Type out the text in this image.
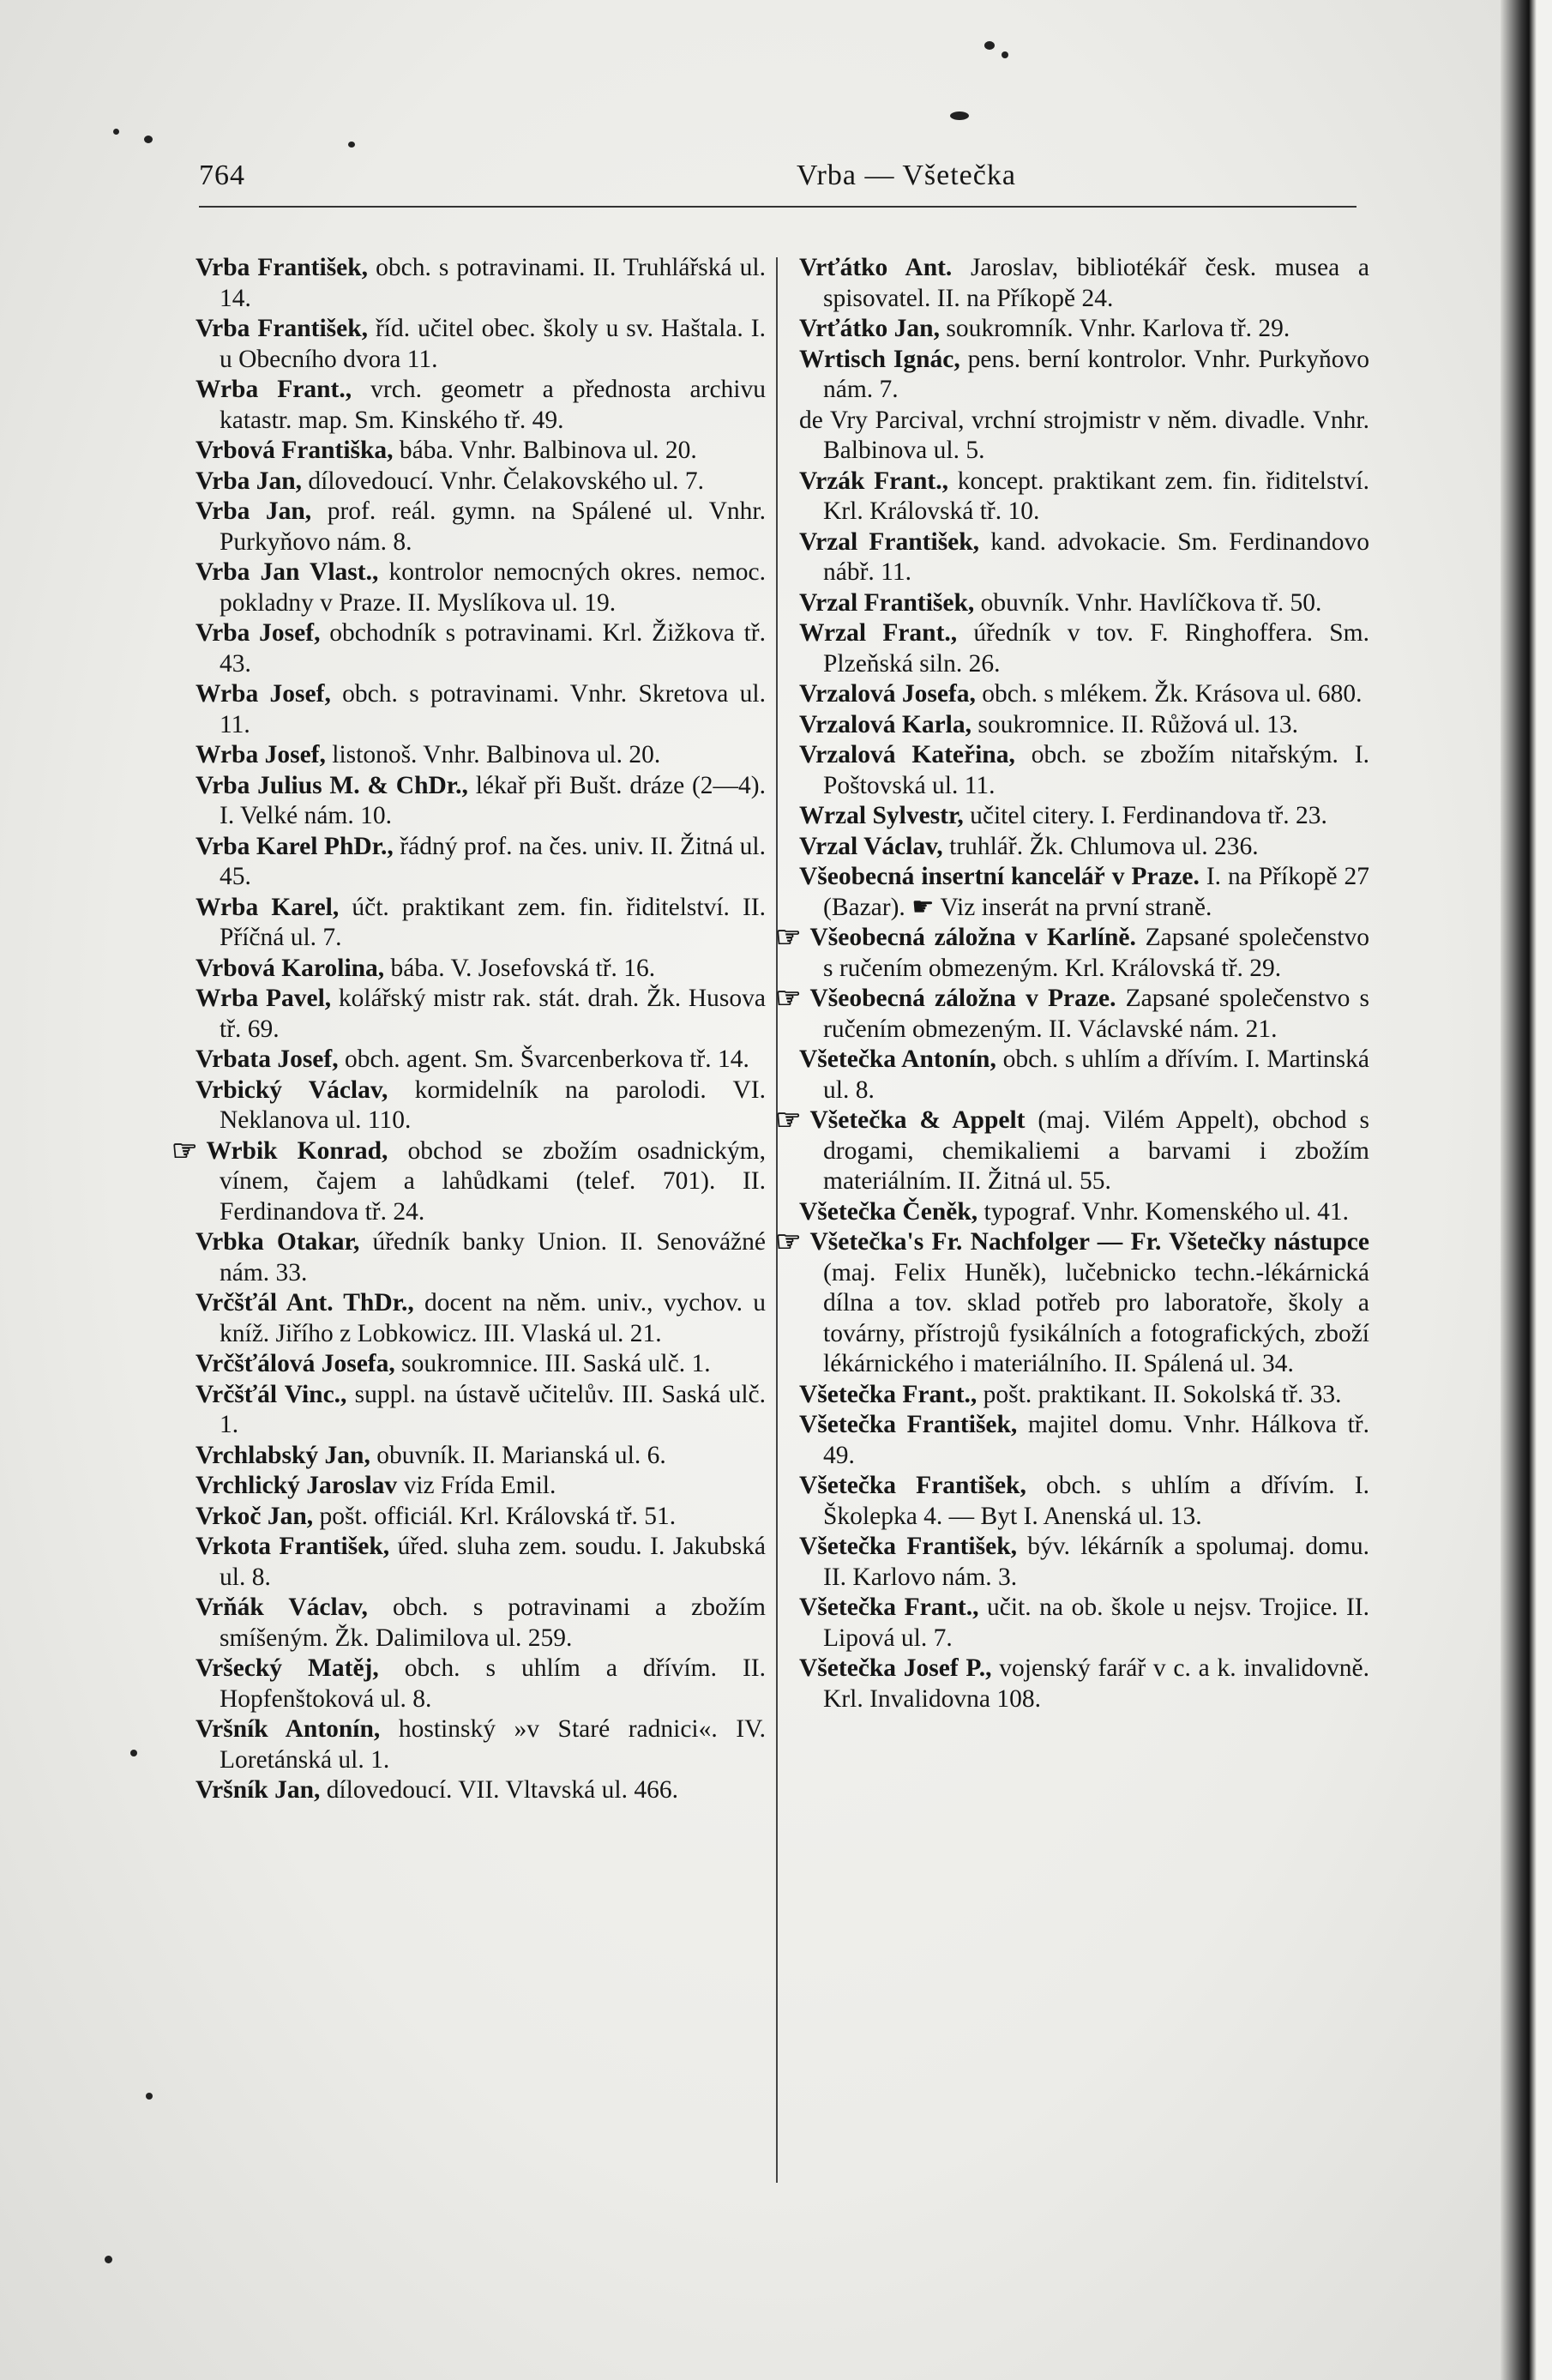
764	Vrba — Všetečka

Vrba František, obch. s potravinami. II. Truhlářská ul. 14.

Vrba František, říd. učitel obec. školy u sv. Haštala. I. u Obecního dvora 11.

Wrba Frant., vrch. geometr a přednosta archivu katastr. map. Sm. Kinského tř. 49.

Vrbová Františka, bába. Vnhr. Balbinova ul. 20.

Vrba Jan, dílovedoucí. Vnhr. Čelakovského ul. 7.

Vrba Jan, prof. reál. gymn. na Spálené ul. Vnhr. Purkyňovo nám. 8.

Vrba Jan Vlast., kontrolor nemocných okres. nemoc. pokladny v Praze. II. Myslíkova ul. 19.

Vrba Josef, obchodník s potravinami. Krl. Žižkova tř. 43.

Wrba Josef, obch. s potravinami. Vnhr. Skretova ul. 11.

Wrba Josef, listonoš. Vnhr. Balbinova ul. 20.

Vrba Julius M. & ChDr., lékař při Bušt. dráze (2—4). I. Velké nám. 10.

Vrba Karel PhDr., řádný prof. na čes. univ. II. Žitná ul. 45.

Wrba Karel, účt. praktikant zem. fin. řiditelství. II. Příčná ul. 7.

Vrbová Karolina, bába. V. Josefovská tř. 16.

Wrba Pavel, kolářský mistr rak. stát. drah. Žk. Husova tř. 69.

Vrbata Josef, obch. agent. Sm. Švarcenberkova tř. 14.

Vrbický Václav, kormidelník na parolodi. VI. Neklanova ul. 110.

☞ Wrbik Konrad, obchod se zbožím osadnickým, vínem, čajem a lahůdkami (telef. 701). II. Ferdinandova tř. 24.

Vrbka Otakar, úředník banky Union. II. Senovážné nám. 33.

Vrčšťál Ant. ThDr., docent na něm. univ., vychov. u kníž. Jiřího z Lobkowicz. III. Vlaská ul. 21.

Vrčšťálová Josefa, soukromnice. III. Saská ulč. 1.

Vrčšťál Vinc., suppl. na ústavě učitelův. III. Saská ulč. 1.

Vrchlabský Jan, obuvník. II. Marianská ul. 6.

Vrchlický Jaroslav viz Frída Emil.

Vrkoč Jan, pošt. officiál. Krl. Královská tř. 51.

Vrkota František, úřed. sluha zem. soudu. I. Jakubská ul. 8.

Vrňák Václav, obch. s potravinami a zbožím smíšeným. Žk. Dalimilova ul. 259.

Vršecký Matěj, obch. s uhlím a dřívím. II. Hopfenštoková ul. 8.

Vršník Antonín, hostinský »v Staré radnici«. IV. Loretánská ul. 1.

Vršník Jan, dílovedoucí. VII. Vltavská ul. 466.

Vrťátko Ant. Jaroslav, bibliotékář česk. musea a spisovatel. II. na Příkopě 24.

Vrťátko Jan, soukromník. Vnhr. Karlova tř. 29.

Wrtisch Ignác, pens. berní kontrolor. Vnhr. Purkyňovo nám. 7.

de Vry Parcival, vrchní strojmistr v něm. divadle. Vnhr. Balbinova ul. 5.

Vrzák Frant., koncept. praktikant zem. fin. řiditelství. Krl. Královská tř. 10.

Vrzal František, kand. advokacie. Sm. Ferdinandovo nábř. 11.

Vrzal František, obuvník. Vnhr. Havlíčkova tř. 50.

Wrzal Frant., úředník v tov. F. Ringhoffera. Sm. Plzeňská siln. 26.

Vrzalová Josefa, obch. s mlékem. Žk. Krásova ul. 680.

Vrzalová Karla, soukromnice. II. Růžová ul. 13.

Vrzalová Kateřina, obch. se zbožím nitařským. I. Poštovská ul. 11.

Wrzal Sylvestr, učitel citery. I. Ferdinandova tř. 23.

Vrzal Václav, truhlář. Žk. Chlumova ul. 236.

Všeobecná insertní kancelář v Praze. I. na Příkopě 27 (Bazar). ☛ Viz inserát na první straně.

☞ Všeobecná záložna v Karlíně. Zapsané společenstvo s ručením obmezeným. Krl. Královská tř. 29.

☞ Všeobecná záložna v Praze. Zapsané společenstvo s ručením obmezeným. II. Václavské nám. 21.

Všetečka Antonín, obch. s uhlím a dřívím. I. Martinská ul. 8.

☞ Všetečka & Appelt (maj. Vilém Appelt), obchod s drogami, chemikaliemi a barvami i zbožím materiálním. II. Žitná ul. 55.

Všetečka Čeněk, typograf. Vnhr. Komenského ul. 41.

☞ Všetečka's Fr. Nachfolger — Fr. Všetečky nástupce (maj. Felix Huněk), lučebnicko techn.-lékárnická dílna a tov. sklad potřeb pro laboratoře, školy a továrny, přístrojů fysikálních a fotografických, zboží lékárnického i materiálního. II. Spálená ul. 34.

Všetečka Frant., pošt. praktikant. II. Sokolská tř. 33.

Všetečka František, majitel domu. Vnhr. Hálkova tř. 49.

Všetečka František, obch. s uhlím a dřívím. I. Školepka 4. — Byt I. Anenská ul. 13.

Všetečka František, býv. lékárník a spolumaj. domu. II. Karlovo nám. 3.

Všetečka Frant., učit. na ob. škole u nejsv. Trojice. II. Lipová ul. 7.

Všetečka Josef P., vojenský farář v c. a k. invalidovně. Krl. Invalidovna 108.
